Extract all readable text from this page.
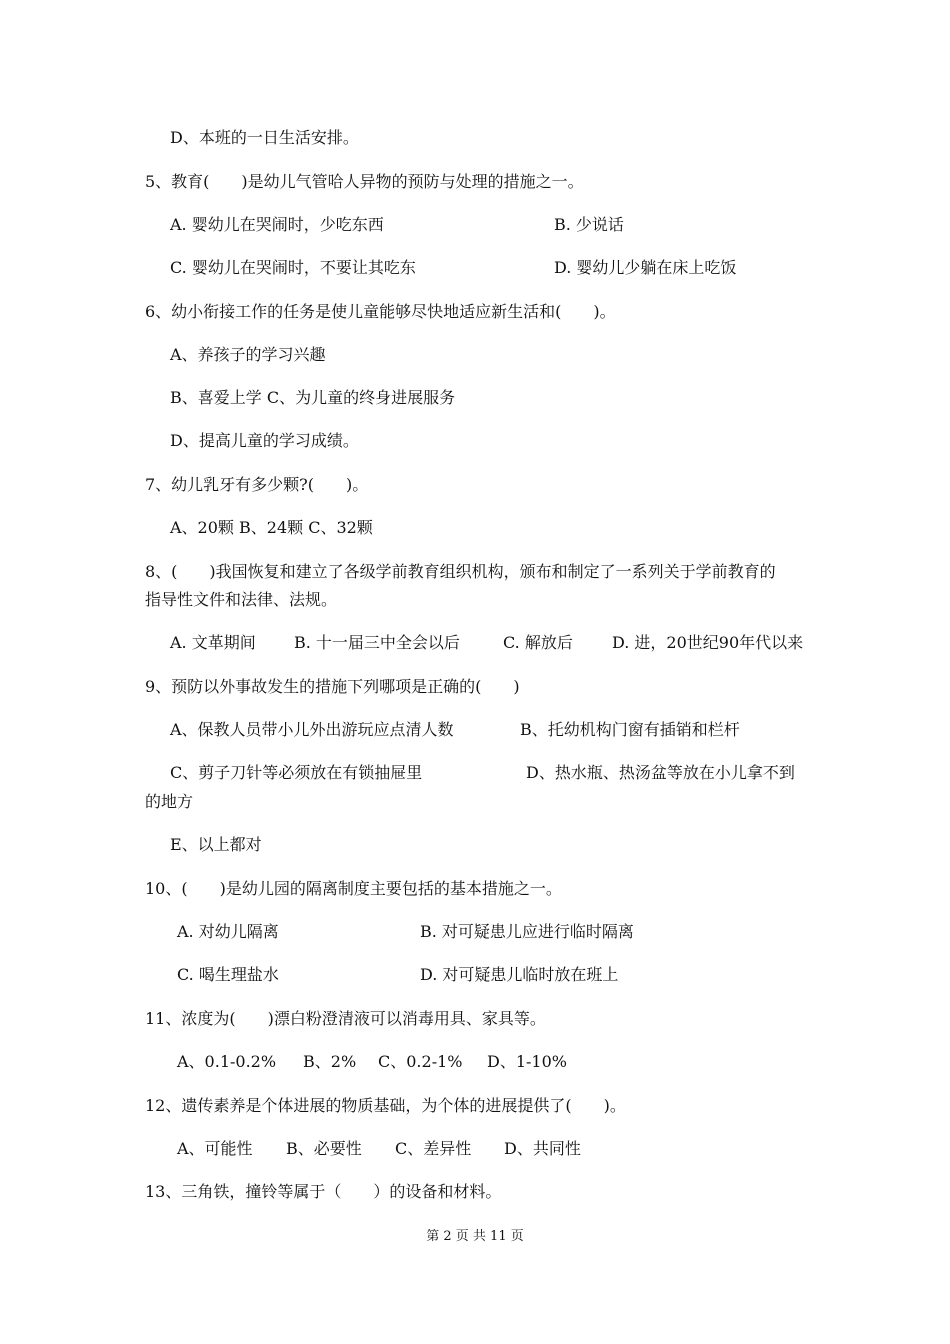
D、本班的一日生活安排。
5、教育(　　)是幼儿气管哈人异物的预防与处理的措施之一。
A. 婴幼儿在哭闹时，少吃东西	B. 少说话
C. 婴幼儿在哭闹时，不要让其吃东	D. 婴幼儿少躺在床上吃饭
6、幼小衔接工作的任务是使儿童能够尽快地适应新生活和(　　)。
A、养孩子的学习兴趣
B、喜爱上学 C、为儿童的终身进展服务
D、提高儿童的学习成绩。
7、幼儿乳牙有多少颗?(　　)。
A、20颗 B、24颗 C、32颗
8、(　　)我国恢复和建立了各级学前教育组织机构，颁布和制定了一系列关于学前教育的
指导性文件和法律、法规。
A. 文革期间 B. 十一届三中全会以后	C. 解放后 D. 进，20世纪90年代以来
9、预防以外事故发生的措施下列哪项是正确的(　　)
A、保教人员带小儿外出游玩应点清人数	B、托幼机构门窗有插销和栏杆
C、剪子刀针等必须放在有锁抽屉里	D、热水瓶、热汤盆等放在小儿拿不到
的地方
E、以上都对
10、(　　)是幼儿园的隔离制度主要包括的基本措施之一。
A. 对幼儿隔离	B. 对可疑患儿应进行临时隔离
C. 喝生理盐水	D. 对可疑患儿临时放在班上
11、浓度为(　　)漂白粉澄清液可以消毒用具、家具等。
A、0.1-0.2% B、2% C、0.2-1% D、1-10%
12、遗传素养是个体进展的物质基础，为个体的进展提供了(　　)。
A、可能性 B、必要性 C、差异性 D、共同性
13、三角铁，撞铃等属于（　　）的设备和材料。
第 2 页 共 11 页
